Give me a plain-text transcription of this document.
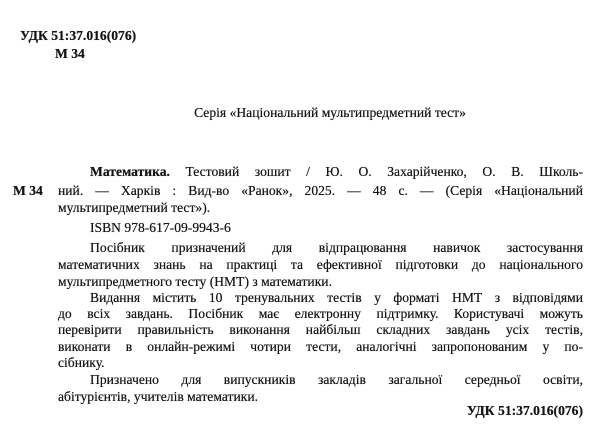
УДК 51:37.016(076)
М 34
Серія «Національний мультипредметний тест»
М 34
Математика. Тестовий зошит / Ю. О. Захарійченко, О. В. Школь-
ний. — Харків : Вид-во «Ранок», 2025. — 48 с. — (Серія «Національний
мультипредметний тест»).
ISBN 978-617-09-9943-6
Посібник призначений для відпрацювання навичок застосування
математичних знань на практиці та ефективної підготовки до національного
мультипредметного тесту (НМТ) з математики.
Видання містить 10 тренувальних тестів у форматі НМТ з відповідями
до всіх завдань. Посібник має електронну підтримку. Користувачі можуть
перевірити правильність виконання найбільш складних завдань усіх тестів,
виконати в онлайн-режимі чотири тести, аналогічні запропонованим у по-
сібнику.
Призначено для випускників закладів загальної середньої освіти,
абітурієнтів, учителів математики.
УДК 51:37.016(076)
